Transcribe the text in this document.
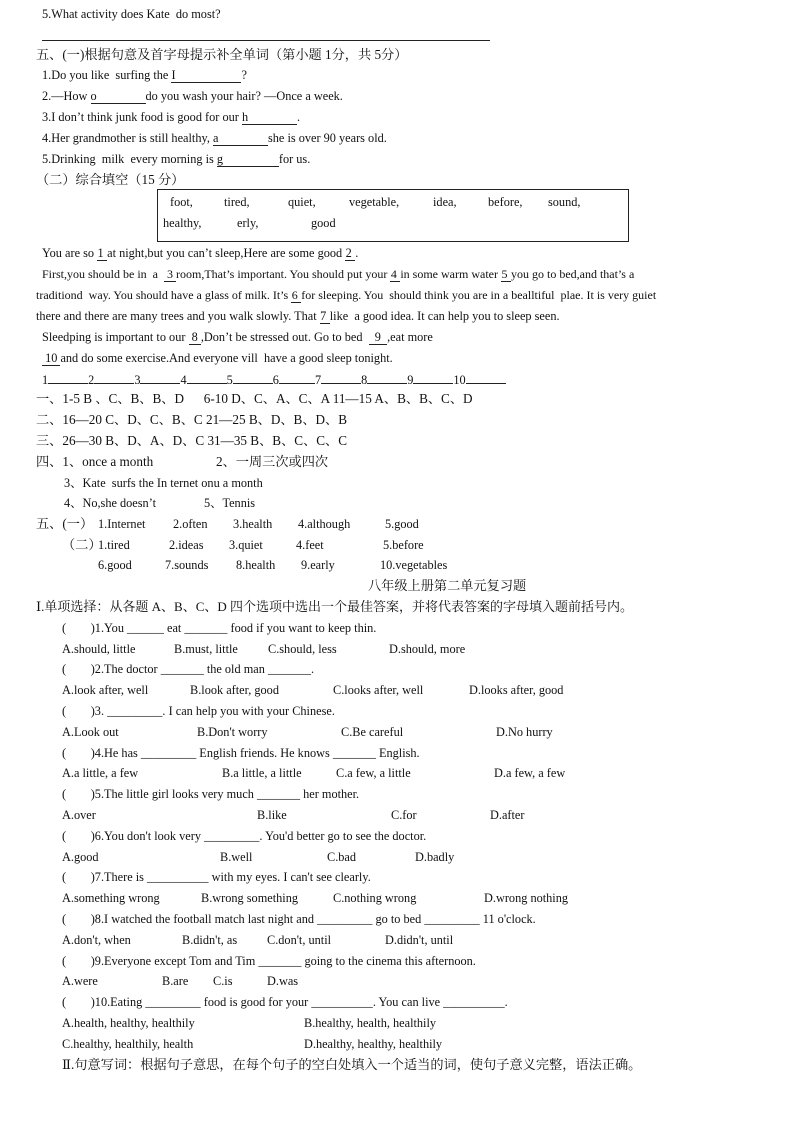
5.What activity does Kate  do most?
五、(一)根据句意及首字母提示补全单词（第小题 1分，共 5分）
1.Do you like  surfing the I	?
2.—How o	do you wash your hair? —Once a week.
3.I don’t think junk food is good for our h	.
4.Her grandmother is still healthy, a	she is over 90 years old.
5.Drinking  milk  every morning is g	for us.
（二）综合填空（15 分）
foot,	tired,	quiet,	vegetable,	idea,	before, sound,
healthy,	erly,	good
You are so 1 at night,but you can’t sleep,Here are some good 2 .
First,you should be in  a   3 room,That’s important. You should put your 4 in some warm water 5 you go to bed,and that’s a
traditiond  way. You should have a glass of milk. It’s 6 for sleeping. You  should think you are in a bealltiful  plae. It is very guiet
there and there are many trees and you walk slowly. That 7 like  a good idea. It can help you to sleep seen.
Sleedping is important to our  8 ,Don’t be stressed out. Go to bed    9  ,eat more
10 and do some exercise.And everyone vill  have a good sleep tonight.
1	2	3	4	5	6	7	8	9	10
一、1-5 B 、C、B、B、D      6-10 D、C、A、C、A 11—15 A、B、B、C、D
二、16—20 C、D、C、B、C 21—25 B、D、B、D、B
三、26—30 B、D、A、D、C 31—35 B、B、C、C、C
四、1、once a month	2、一周三次或四次
3、Kate  surfs the In ternet onu a month
4、No,she doesn’t	5、Tennis
五、(一） 1.Internet 2.often 3.health 4.although	5.good
（二）
1.tired	2.ideas 3.quiet	4.feet	5.before
6.good	7.sounds 8.health 9.early	10.vegetables
八年级上册第二单元复习题
Ⅰ.单项选择：从各题 A、B、C、D 四个选项中选出一个最佳答案，并将代表答案的字母填入题前括号内。
(        )1.You ______ eat _______ food if you want to keep thin.
A.should, little	B.must, little C.should, less	D.should, more
(        )2.The doctor _______ the old man _______.
A.look after, well	B.look after, good	C.looks after, well	D.looks after, good
(        )3. _________. I can help you with your Chinese.
A.Look out	B.Don't worry	C.Be careful	D.No hurry
(        )4.He has _________ English friends. He knows _______ English.
A.a little, a few	B.a little, a little	C.a few, a little	D.a few, a few
(        )5.The little girl looks very much _______ her mother.
A.over	B.like	C.for	D.after
(        )6.You don't look very _________. You'd better go to see the doctor.
A.good	B.well	C.bad	D.badly
(        )7.There is __________ with my eyes. I can't see clearly.
A.something wrong	B.wrong something	C.nothing wrong	D.wrong nothing
(        )8.I watched the football match last night and _________ go to bed _________ 11 o'clock.
A.don't, when	B.didn't, as C.don't, until	D.didn't, until
(        )9.Everyone except Tom and Tim _______ going to the cinema this afternoon.
A.were	B.are C.is	D.was
(        )10.Eating _________ food is good for your __________. You can live __________.
A.health, healthy, healthily	B.healthy, health, healthily
C.healthy, healthily, health	D.healthy, healthy, healthily
Ⅱ.句意写词：根据句子意思，在每个句子的空白处填入一个适当的词，使句子意义完整，语法正确。
